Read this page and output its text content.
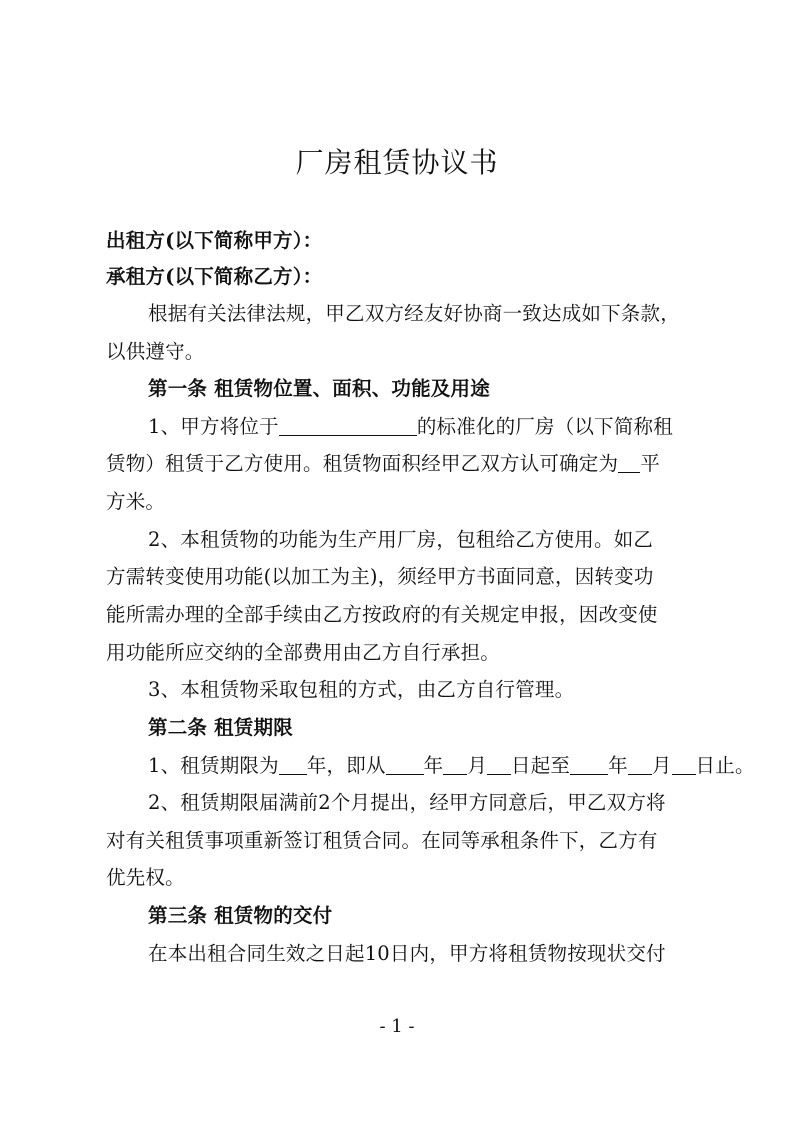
厂房租赁协议书
出租方(以下简称甲方）：
承租方(以下简称乙方）：
根据有关法律法规，甲乙双方经友好协商一致达成如下条款，
以供遵守。
第一条 租赁物位置、面积、功能及用途
1、甲方将位于	的标准化的厂房（以下简称租
赁物）租赁于乙方使用。租赁物面积经甲乙双方认可确定为 平
方米。
2、本租赁物的功能为生产用厂房，包租给乙方使用。如乙
方需转变使用功能(以加工为主)，须经甲方书面同意，因转变功
能所需办理的全部手续由乙方按政府的有关规定申报，因改变使
用功能所应交纳的全部费用由乙方自行承担。
3、本租赁物采取包租的方式，由乙方自行管理。
第二条 租赁期限
1、租赁期限为 年，即从 年 月 日起至 年 月 日止。
2、租赁期限届满前2个月提出，经甲方同意后，甲乙双方将
对有关租赁事项重新签订租赁合同。在同等承租条件下，乙方有
优先权。
第三条 租赁物的交付
在本出租合同生效之日起10日内，甲方将租赁物按现状交付
- 1 -
